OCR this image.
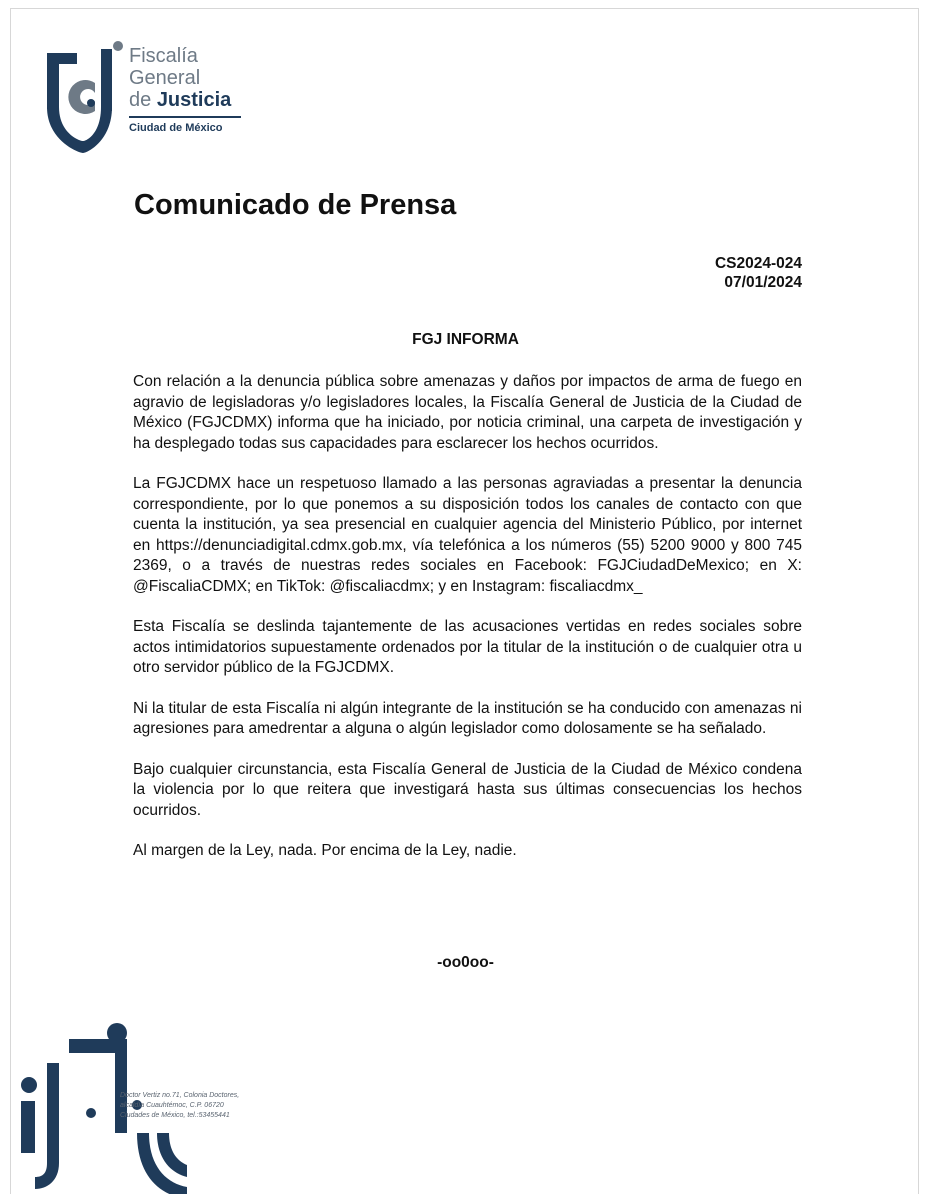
Fiscalía
General
de Justicia
Ciudad de México
Comunicado de Prensa
CS2024-024
07/01/2024
FGJ INFORMA

Con relación a la denuncia pública sobre amenazas y daños por impactos de arma de fuego en agravio de legisladoras y/o legisladores locales, la Fiscalía General de Justicia de la Ciudad de México (FGJCDMX) informa que ha iniciado, por noticia criminal, una carpeta de investigación y ha desplegado todas sus capacidades para esclarecer los hechos ocurridos.

La FGJCDMX hace un respetuoso llamado a las personas agraviadas a presentar la denuncia correspondiente, por lo que ponemos a su disposición todos los canales de contacto con que cuenta la institución, ya sea presencial en cualquier agencia del Ministerio Público, por internet en https://denunciadigital.cdmx.gob.mx, vía telefónica a los números (55) 5200 9000 y 800 745 2369, o a través de nuestras redes sociales en Facebook: FGJCiudadDeMexico; en X: @FiscaliaCDMX; en TikTok: @fiscaliacdmx; y en Instagram: fiscaliacdmx_

Esta Fiscalía se deslinda tajantemente de las acusaciones vertidas en redes sociales sobre actos intimidatorios supuestamente ordenados por la titular de la institución o de cualquier otra u otro servidor público de la FGJCDMX.

Ni la titular de esta Fiscalía ni algún integrante de la institución se ha conducido con amenazas ni agresiones para amedrentar a alguna o algún legislador como dolosamente se ha señalado.

Bajo cualquier circunstancia, esta Fiscalía General de Justicia de la Ciudad de México condena la violencia por lo que reitera que investigará hasta sus últimas consecuencias los hechos ocurridos.

Al margen de la Ley, nada. Por encima de la Ley, nadie.

-oo0oo-
Doctor Vertiz no.71, Colonia Doctores,
alcaldía Cuauhtémoc, C.P. 06720
Ciudades de México, tel.:53455441
